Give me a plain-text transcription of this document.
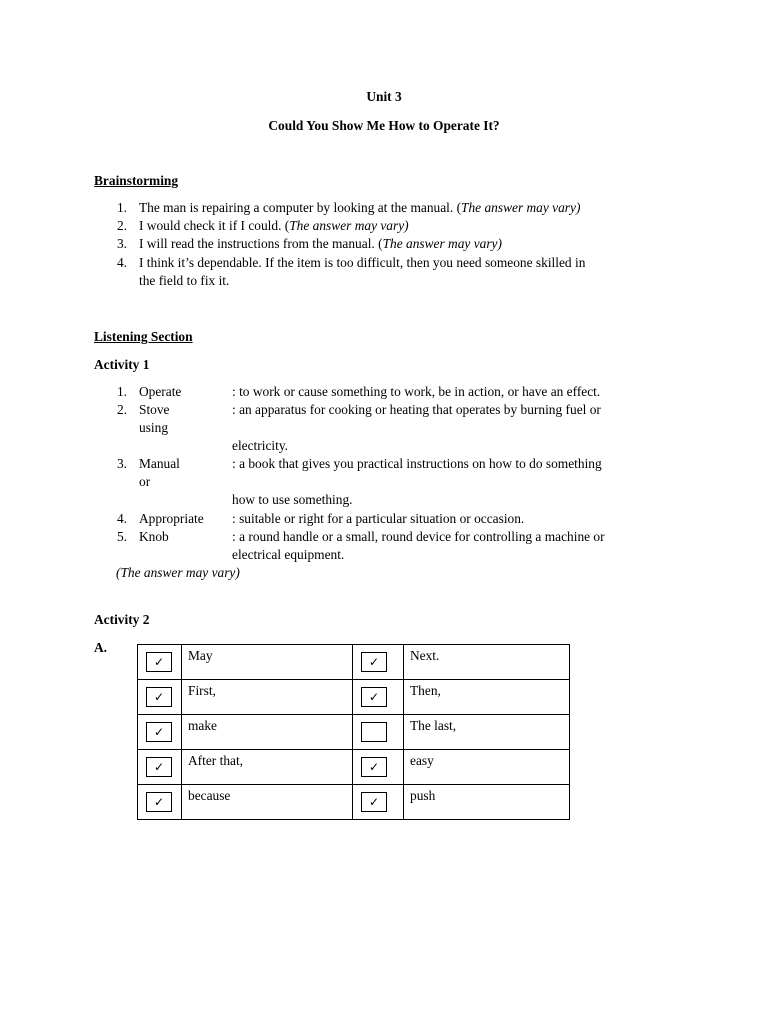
Unit 3
Could You Show Me How to Operate It?
Brainstorming
1. The man is repairing a computer by looking at the manual. (The answer may vary)
2. I would check it if I could. (The answer may vary)
3. I will read the instructions from the manual. (The answer may vary)
4. I think it’s dependable. If the item is too difficult, then you need someone skilled in
the field to fix it.
Listening Section
Activity 1
1. Operate	: to work or cause something to work, be in action, or have an effect.
2. Stove	: an apparatus for cooking or heating that operates by burning fuel or
using
electricity.
3. Manual	: a book that gives you practical instructions on how to do something
or
how to use something.
4. Appropriate : suitable or right for a particular situation or occasion.
5. Knob	: a round handle or a small, round device for controlling a machine or
electrical equipment.
(The answer may vary)
Activity 2
A.
✓	May	✓	Next.

✓	First,	✓	Then,

✓	make		The last,

✓	After that,	✓	easy

✓	because	✓	push
